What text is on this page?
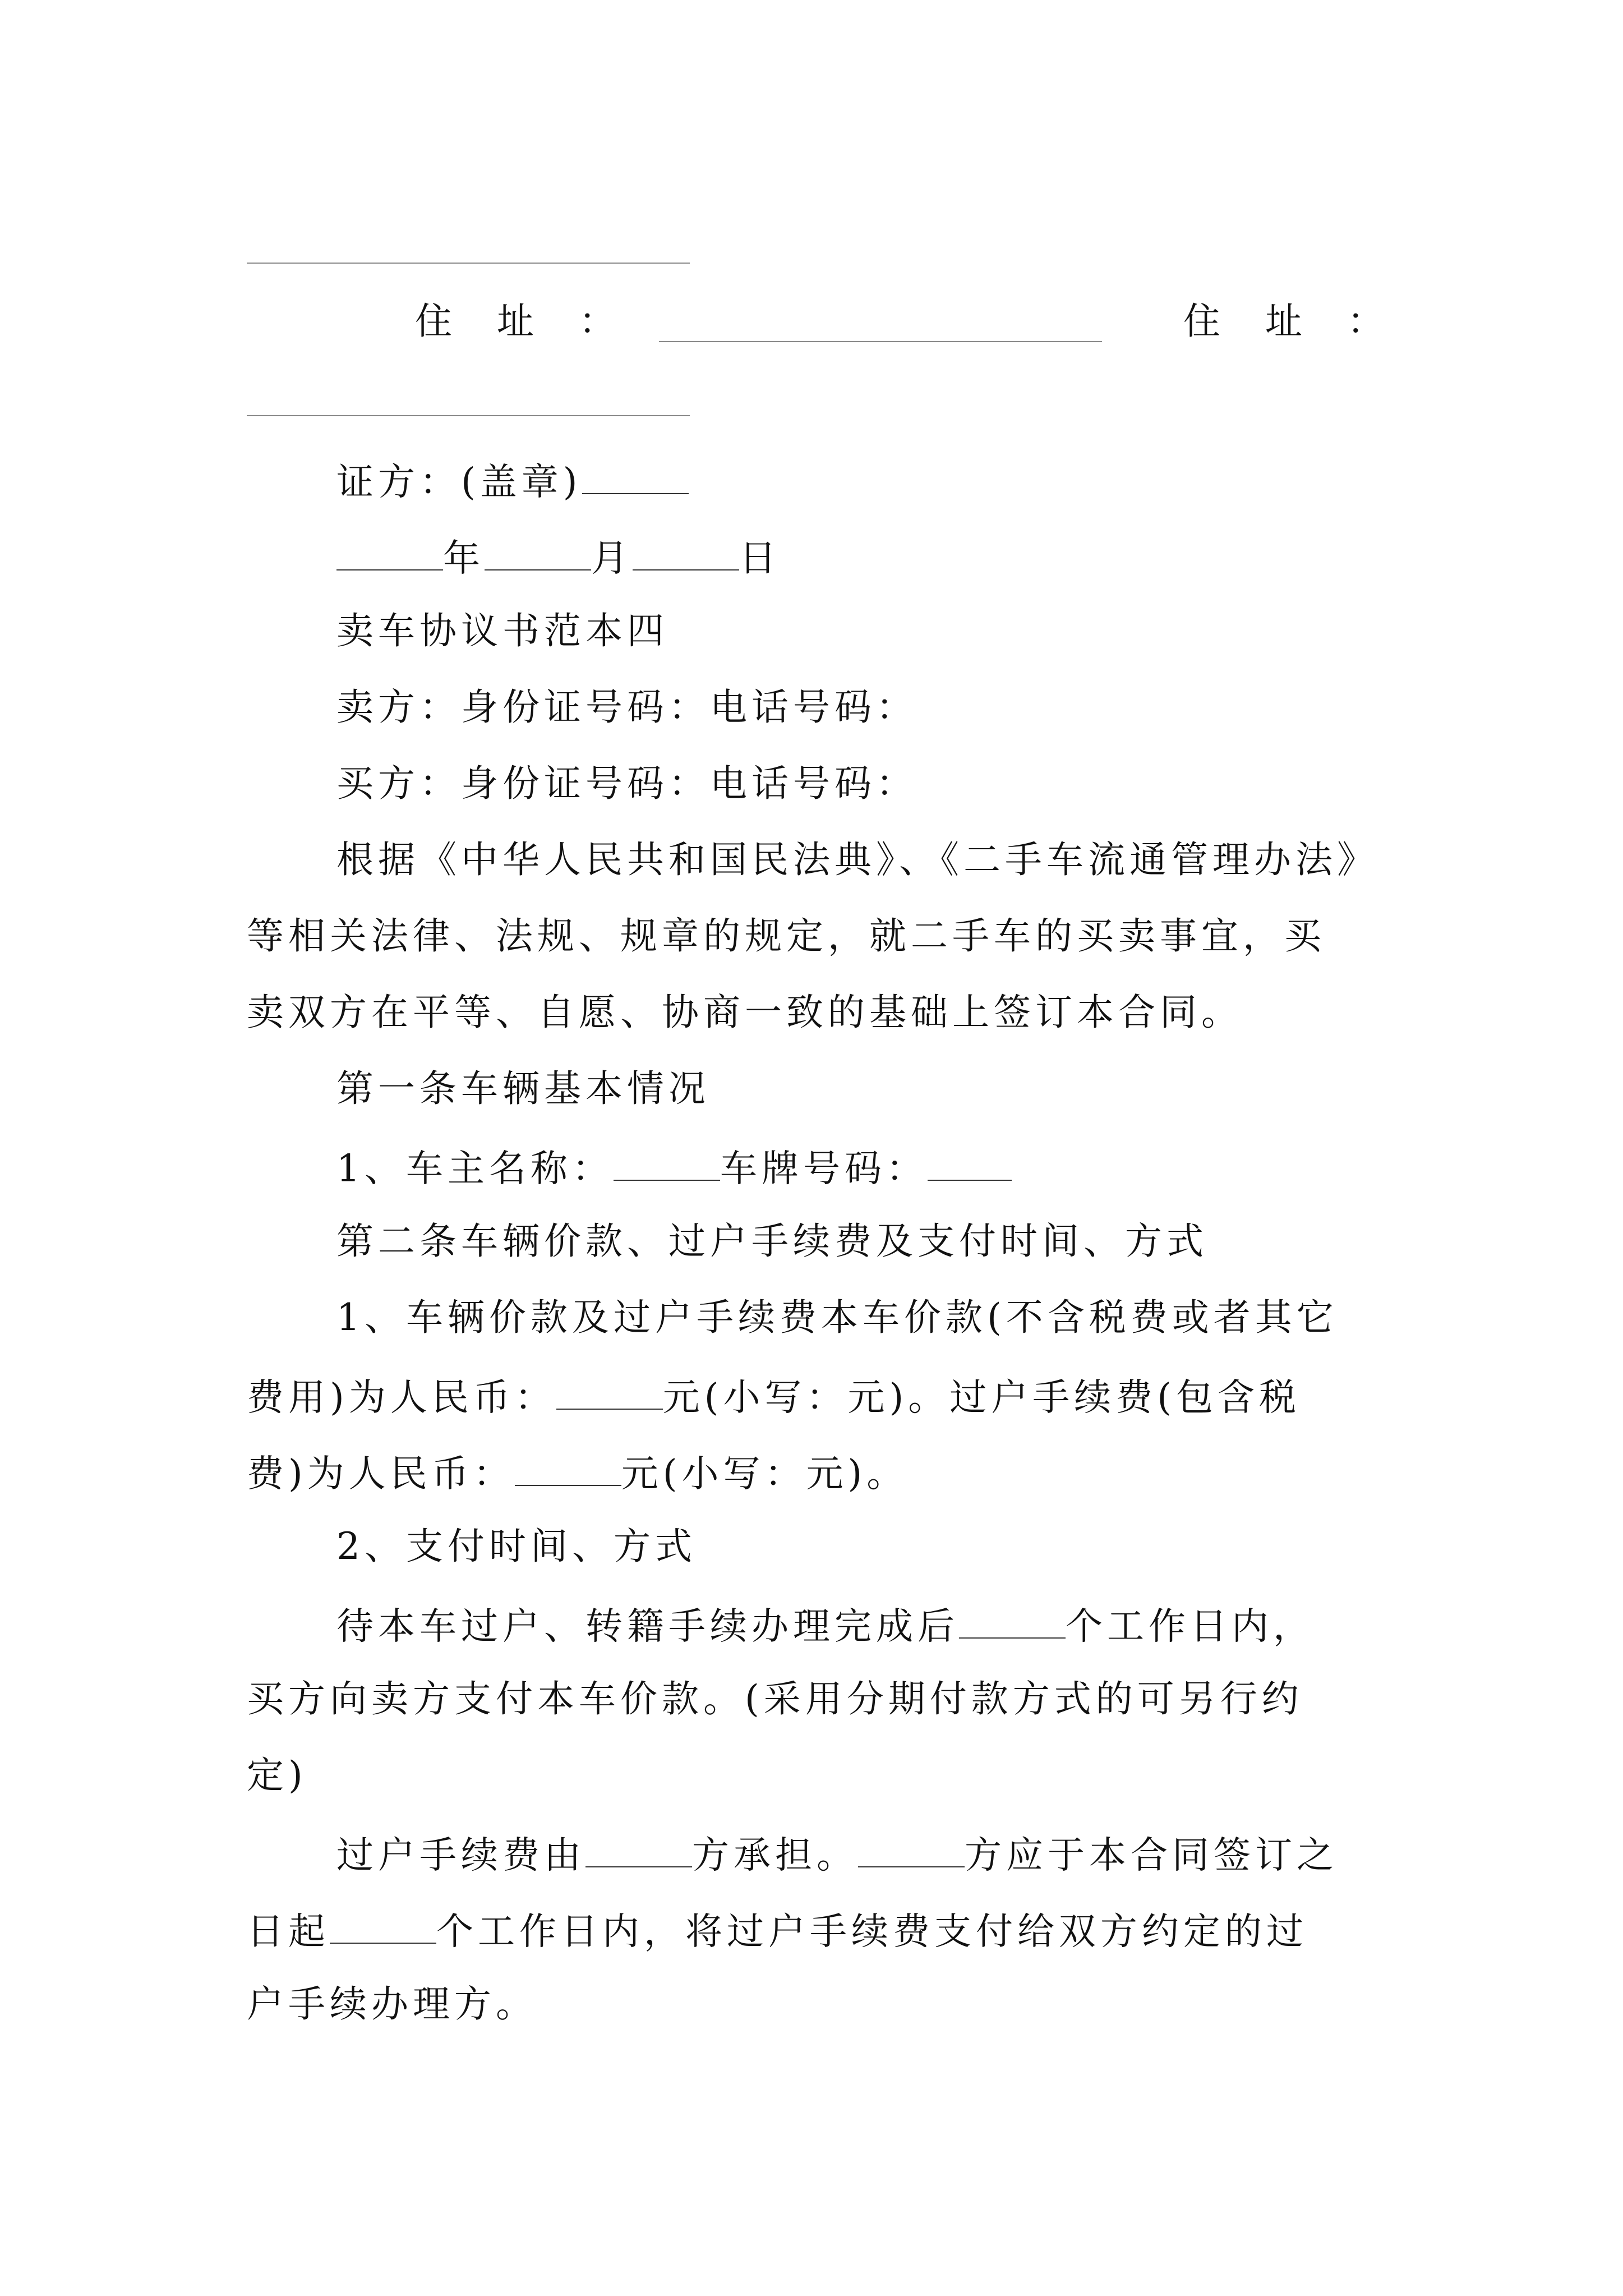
住 址 ：	住 址 ：
证方：(盖章)
年	月	日
卖车协议书范本四
卖方：身份证号码：电话号码：
买方：身份证号码：电话号码：
根据《中华人民共和国民法典》、《二手车流通管理办法》
等相关法律、法规、规章的规定，就二手车的买卖事宜，买
卖双方在平等、自愿、协商一致的基础上签订本合同。
第一条车辆基本情况
1、车主名称：	车牌号码：
第二条车辆价款、过户手续费及支付时间、方式
1、车辆价款及过户手续费本车价款(不含税费或者其它
费用)为人民币：	元(小写：元)。过户手续费(包含税
费)为人民币：	元(小写：元)。
2、支付时间、方式
待本车过户、转籍手续办理完成后	个工作日内，
买方向卖方支付本车价款。(采用分期付款方式的可另行约
定)
过户手续费由	方承担。	方应于本合同签订之
日起	个工作日内，将过户手续费支付给双方约定的过
户手续办理方。
